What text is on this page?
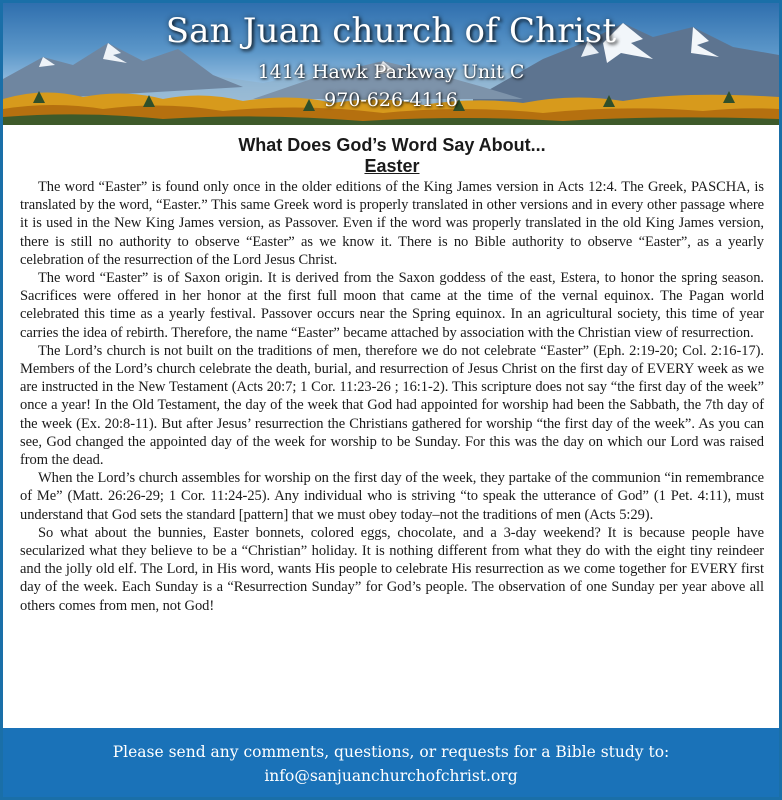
San Juan church of Christ
1414 Hawk Parkway Unit C
970-626-4116
What Does God’s Word Say About...
Easter

The word “Easter” is found only once in the older editions of the King James version in Acts 12:4. The Greek, PASCHA, is translated by the word, “Easter.” This same Greek word is properly translated in other versions and in every other passage where it is used in the New King James version, as Passover. Even if the word was properly translated in the old King James version, there is still no authority to observe “Easter” as we know it. There is no Bible authority to observe “Easter”, as a yearly celebration of the resurrection of the Lord Jesus Christ.

The word “Easter” is of Saxon origin. It is derived from the Saxon goddess of the east, Estera, to honor the spring season. Sacrifices were offered in her honor at the first full moon that came at the time of the vernal equinox. The Pagan world celebrated this time as a yearly festival. Passover occurs near the Spring equinox. In an agricultural society, this time of year carries the idea of rebirth. Therefore, the name “Easter” became attached by association with the Christian view of resurrection.

The Lord’s church is not built on the traditions of men, therefore we do not celebrate “Easter” (Eph. 2:19-20; Col. 2:16-17). Members of the Lord’s church celebrate the death, burial, and resurrection of Jesus Christ on the first day of EVERY week as we are instructed in the New Testament (Acts 20:7; 1 Cor. 11:23-26 ; 16:1-2). This scripture does not say “the first day of the week” once a year! In the Old Testament, the day of the week that God had appointed for worship had been the Sabbath, the 7th day of the week (Ex. 20:8-11). But after Jesus’ resurrection the Christians gathered for worship “the first day of the week”. As you can see, God changed the appointed day of the week for worship to be Sunday. For this was the day on which our Lord was raised from the dead.

When the Lord’s church assembles for worship on the first day of the week, they partake of the communion “in remembrance of Me” (Matt. 26:26-29; 1 Cor. 11:24-25). Any individual who is striving “to speak the utterance of God” (1 Pet. 4:11), must understand that God sets the standard [pattern] that we must obey today–not the traditions of men (Acts 5:29).

So what about the bunnies, Easter bonnets, colored eggs, chocolate, and a 3-day weekend? It is because people have secularized what they believe to be a “Christian” holiday. It is nothing different from what they do with the eight tiny reindeer and the jolly old elf. The Lord, in His word, wants His people to celebrate His resurrection as we come together for EVERY first day of the week. Each Sunday is a “Resurrection Sunday” for God’s people. The observation of one Sunday per year above all others comes from men, not God!

Please send any comments, questions, or requests for a Bible study to:
info@sanjuanchurchofchrist.org
